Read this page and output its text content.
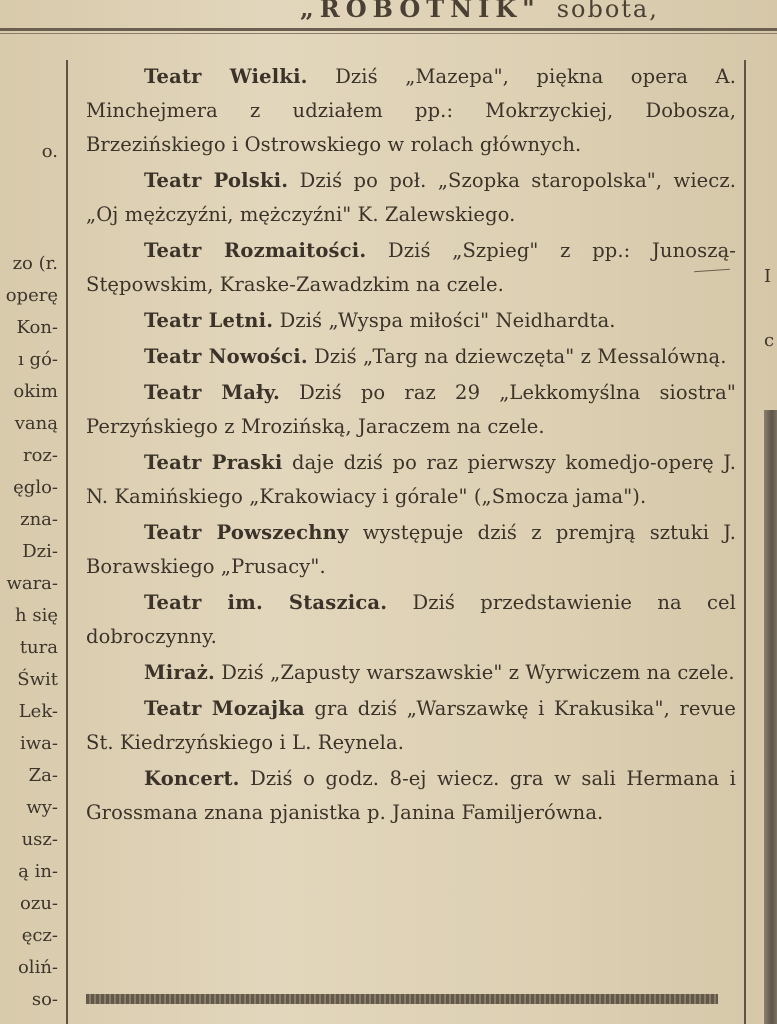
„ROBOTNIK" sobota,
o.
zo (r.
operę
Kon-
ı gó-
okim
vaną
roz-
ęglo-
zna-
Dzi-
wara-
h się
tura
Świt
Lek-
iwa-
Za-
wy-
usz-
ą in-
ozu-
ęcz-
oliń-
so-

Teatr Wielki. Dziś „Mazepa", piękna opera A. Minchejmera z udziałem pp.: Mokrzyckiej, Dobosza, Brzezińskiego i Ostrowskiego w rolach głównych.

Teatr Polski. Dziś po poł. „Szopka staropolska", wiecz. „Oj mężczyźni, mężczyźni" K. Zalewskiego.

Teatr Rozmaitości. Dziś „Szpieg" z pp.: Junoszą-Stępowskim, Kraske-Zawadzkim na czele.

Teatr Letni. Dziś „Wyspa miłości" Neidhardta.

Teatr Nowości. Dziś „Targ na dziewczęta" z Messalówną.

Teatr Mały. Dziś po raz 29 „Lekkomyślna siostra" Perzyńskiego z Mrozińską, Jaraczem na czele.

Teatr Praski daje dziś po raz pierwszy komedjo-operę J. N. Kamińskiego „Krakowiacy i górale" („Smocza jama").

Teatr Powszechny występuje dziś z premjrą sztuki J. Borawskiego „Prusacy".

Teatr im. Staszica. Dziś przedstawienie na cel dobroczynny.

Miraż. Dziś „Zapusty warszawskie" z Wyrwiczem na czele.

Teatr Mozajka gra dziś „Warszawkę i Krakusika", revue St. Kiedrzyńskiego i L. Reynela.

Koncert. Dziś o godz. 8-ej wiecz. gra w sali Hermana i Grossmana znana pjanistka p. Janina Familjerówna.

I
c
